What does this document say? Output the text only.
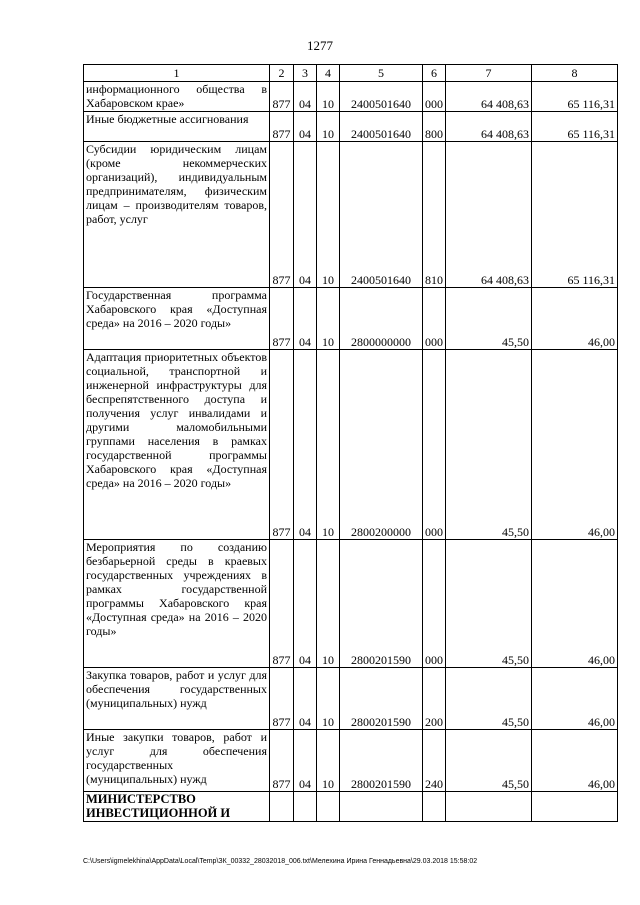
1277
1	2	3	4	5	6	7	8
информационного общества в Хабаровском крае»	877	04	10	2400501640	000	64 408,63	65 116,31
Иные бюджетные ассигнования	877	04	10	2400501640	800	64 408,63	65 116,31
Субсидии юридическим лицам (кроме некоммерческих организаций), индивидуальным предпринимателям, физическим лицам – производителям товаров, работ, услуг	877	04	10	2400501640	810	64 408,63	65 116,31
Государственная программа Хабаровского края «Доступная среда» на 2016 – 2020 годы»	877	04	10	2800000000	000	45,50	46,00
Адаптация приоритетных объектов социальной, транспортной и инженерной инфраструктуры для беспрепятственного доступа и получения услуг инвалидами и другими маломобильными группами населения в рамках государственной программы Хабаровского края «Доступная среда» на 2016 – 2020 годы»	877	04	10	2800200000	000	45,50	46,00
Мероприятия по созданию безбарьерной среды в краевых государственных учреждениях в рамках государственной программы Хабаровского края «Доступная среда» на 2016 – 2020 годы»	877	04	10	2800201590	000	45,50	46,00
Закупка товаров, работ и услуг для обеспечения государственных (муниципальных) нужд	877	04	10	2800201590	200	45,50	46,00
Иные закупки товаров, работ и услуг для обеспечения государственных (муниципальных) нужд	877	04	10	2800201590	240	45,50	46,00
МИНИСТЕРСТВО ИНВЕСТИЦИОННОЙ И							
C:\Users\igmelekhina\AppData\Local\Temp\ЗК_00332_28032018_006.txt\Мелехина Ирина Геннадьевна\29.03.2018 15:58:02
